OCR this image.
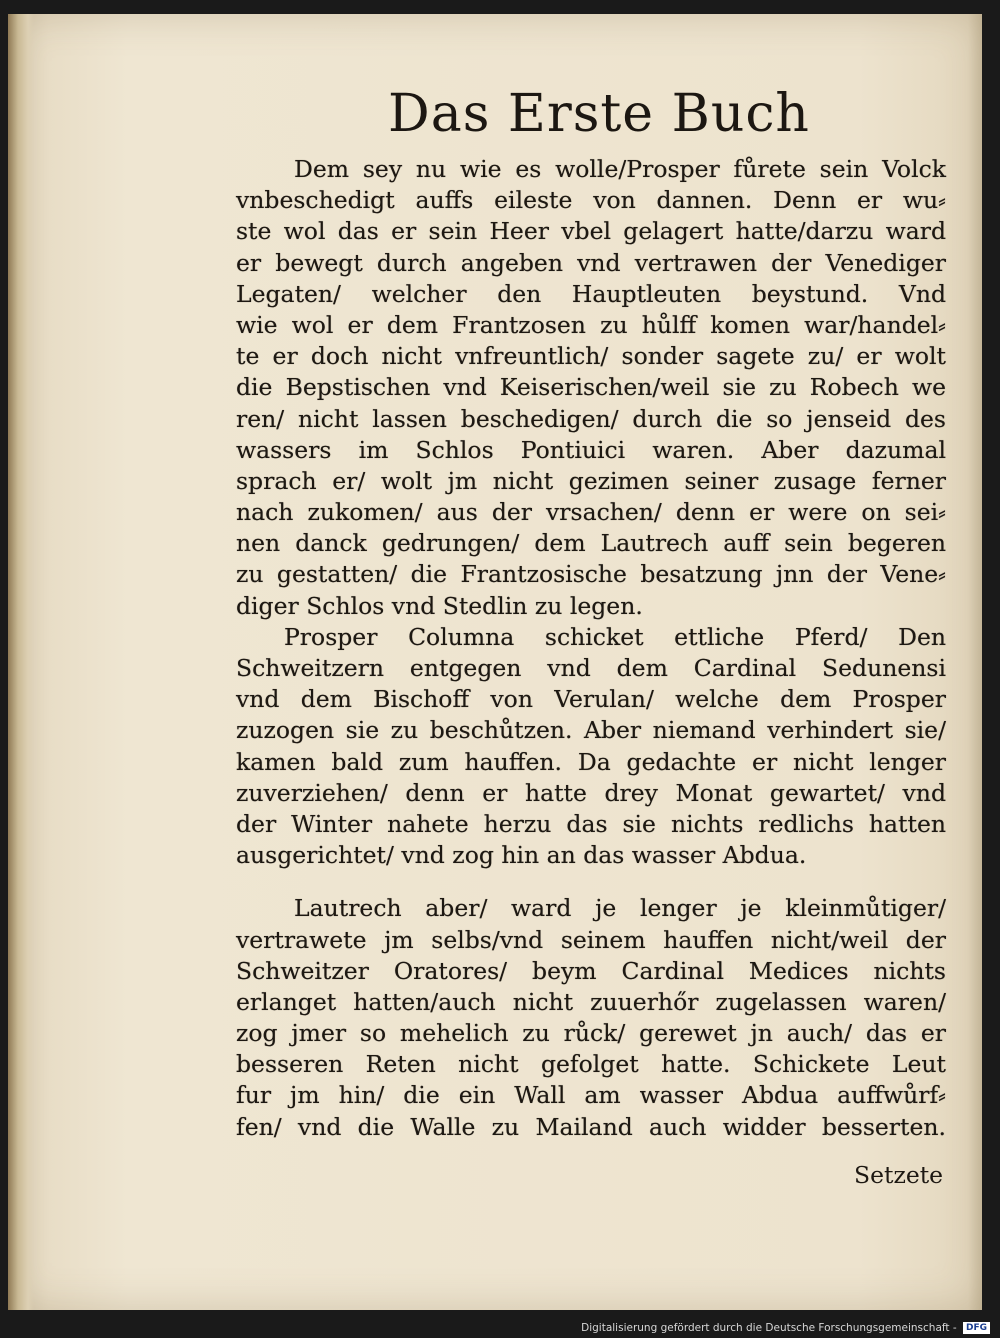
Das Erste Buch
Dem sey nu wie es wolle/Prosper fůrete sein Volck
vnbeschedigt auffs eileste von dannen. Denn er wu⸗
ste wol das er sein Heer vbel gelagert hatte/darzu ward
er bewegt durch angeben vnd vertrawen der Venediger
Legaten/ welcher den Hauptleuten beystund. Vnd
wie wol er dem Frantzosen zu hůlff komen war/handel⸗
te er doch nicht vnfreuntlich/ sonder sagete zu/ er wolt
die Bepstischen vnd Keiserischen/weil sie zu Robech we
ren/ nicht lassen beschedigen/ durch die so jenseid des
wassers im Schlos Pontiuici waren. Aber dazumal
sprach er/ wolt jm nicht gezimen seiner zusage ferner
nach zukomen/ aus der vrsachen/ denn er were on sei⸗
nen danck gedrungen/ dem Lautrech auff sein begeren
zu gestatten/ die Frantzosische besatzung jnn der Vene⸗
diger Schlos vnd Stedlin zu legen.
Prosper Columna schicket ettliche Pferd/ Den
Schweitzern entgegen vnd dem Cardinal Sedunensi
vnd dem Bischoff von Verulan/ welche dem Prosper
zuzogen sie zu beschůtzen. Aber niemand verhindert sie/
kamen bald zum hauffen. Da gedachte er nicht lenger
zuverziehen/ denn er hatte drey Monat gewartet/ vnd
der Winter nahete herzu das sie nichts redlichs hatten
ausgerichtet/ vnd zog hin an das wasser Abdua.
Lautrech aber/ ward je lenger je kleinmůtiger/
vertrawete jm selbs/vnd seinem hauffen nicht/weil der
Schweitzer Oratores/ beym Cardinal Medices nichts
erlanget hatten/auch nicht zuuerhőr zugelassen waren/
zog jmer so mehelich zu růck/ gerewet jn auch/ das er
besseren Reten nicht gefolget hatte. Schickete Leut
fur jm hin/ die ein Wall am wasser Abdua auffwůrf⸗
fen/ vnd die Walle zu Mailand auch widder besserten.
Setzete
Digitalisierung gefördert durch die Deutsche Forschungsgemeinschaft - DFG
